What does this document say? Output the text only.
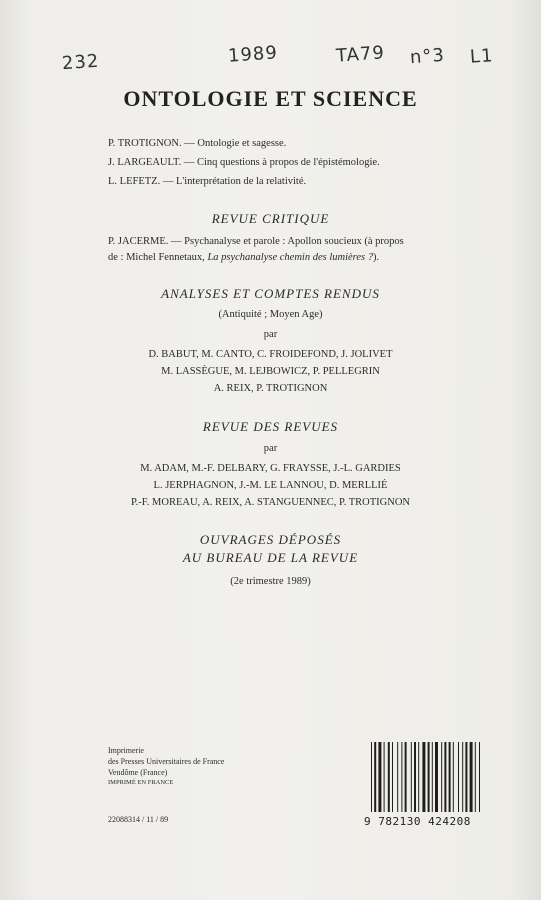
232	1989	TA79 n°3 L1
ONTOLOGIE ET SCIENCE
P. TROTIGNON. — Ontologie et sagesse.
J. LARGEAULT. — Cinq questions à propos de l'épistémologie.
L. LEFETZ. — L'interprétation de la relativité.
REVUE CRITIQUE
P. JACERME. — Psychanalyse et parole : Apollon soucieux (à propos
de : Michel Fennetaux, La psychanalyse chemin des lumières ?).
ANALYSES ET COMPTES RENDUS
(Antiquité ; Moyen Age)
par
D. BABUT, M. CANTO, C. FROIDEFOND, J. JOLIVET
M. LASSÈGUE, M. LEJBOWICZ, P. PELLEGRIN
A. REIX, P. TROTIGNON
REVUE DES REVUES
par
M. ADAM, M.-F. DELBARY, G. FRAYSSE, J.-L. GARDIES
L. JERPHAGNON, J.-M. LE LANNOU, D. MERLLIÉ
P.-F. MOREAU, A. REIX, A. STANGUENNEC, P. TROTIGNON
OUVRAGES DÉPOSÉS
AU BUREAU DE LA REVUE
(2e trimestre 1989)
Imprimerie
des Presses Universitaires de France
Vendôme (France)
IMPRIMÉ EN FRANCE
22088314 / 11 / 89	9 782130 424208
